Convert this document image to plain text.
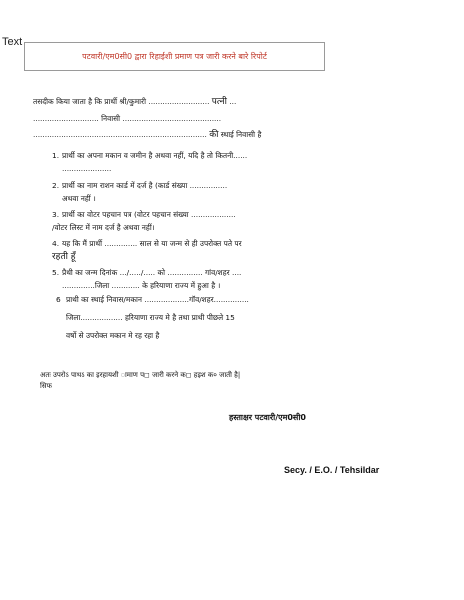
Text
पटवारी/एम0सी0 द्वारा रिहाईशी प्रमाण पत्र जारी करने बारे रिपोर्ट
तसदीक किया जाता है कि प्रार्थी श्री/कुमारी .......................... पत्नी ...
............................ निवासी ..........................................
.......................................................................... की स्थाई निवासी है
1. प्रार्थी का अपना मकान व जमीन है अथवा नहीं, यदि है तो कितनी......
.....................
2. प्रार्थी का नाम राशन कार्ड में दर्ज है (कार्ड संख्या ................
अथवा नहीं ।
3. प्रार्थी का वोटर पहचान पत्र (वोटर पहचान संख्या ...................
/वोटर लिस्ट में नाम दर्ज है अथवा नहीं।
4. यह कि मैं प्रार्थी .............. साल से या जन्म से ही उपरोक्त पते पर
रहती हूँ
5. प्रैथी का जन्म दिनांक .../...../..... को ............... गांव/शहर ....
..............जिला ............ के हरियाणा राज्य में हुआ है ।
6 प्राथी का स्थाई निवास/मकान ...................गॉव/शहर...............
जिला.................. हरियाणा राज्य मे है तथा प्राथी पीछले 15
वर्षो से उपरोक्त मकान मे रह रहा है
अतः उपरोऽ पाथऽ का इरहायशी ◌ामाण प◻ जारी करने क◻ हइश क० जाती है|
सिफ
हस्ताक्षर पटवारी/एम0सी0
Secy. / E.O. / Tehsildar
